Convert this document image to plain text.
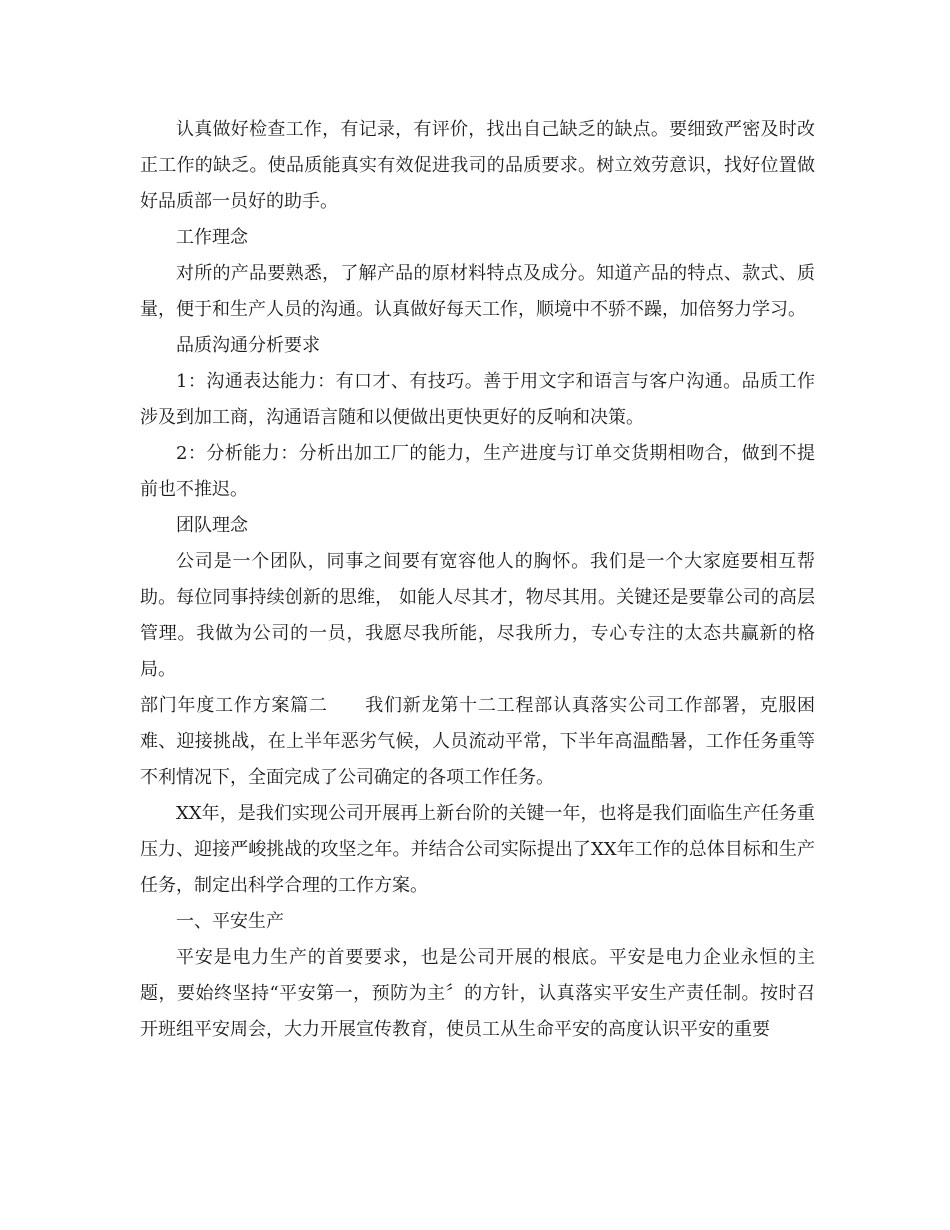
认真做好检查工作，有记录，有评价，找出自己缺乏的缺点。要细致严密及时改正工作的缺乏。使品质能真实有效促进我司的品质要求。树立效劳意识，找好位置做好品质部一员好的助手。

工作理念

对所的产品要熟悉，了解产品的原材料特点及成分。知道产品的特点、款式、质量，便于和生产人员的沟通。认真做好每天工作，顺境中不骄不躁，加倍努力学习。

品质沟通分析要求

1：沟通表达能力：有口才、有技巧。善于用文字和语言与客户沟通。品质工作涉及到加工商，沟通语言随和以便做出更快更好的反响和决策。

2：分析能力：分析出加工厂的能力，生产进度与订单交货期相吻合，做到不提前也不推迟。

团队理念

公司是一个团队，同事之间要有宽容他人的胸怀。我们是一个大家庭要相互帮助。每位同事持续创新的思维， 如能人尽其才，物尽其用。关键还是要靠公司的高层管理。我做为公司的一员，我愿尽我所能，尽我所力，专心专注的太态共赢新的格局。

部门年度工作方案篇二　　我们新龙第十二工程部认真落实公司工作部署，克服困难、迎接挑战，在上半年恶劣气候，人员流动平常，下半年高温酷暑，工作任务重等不利情况下，全面完成了公司确定的各项工作任务。

XX年，是我们实现公司开展再上新台阶的关键一年，也将是我们面临生产任务重压力、迎接严峻挑战的攻坚之年。并结合公司实际提出了XX年工作的总体目标和生产任务，制定出科学合理的工作方案。

一、平安生产

平安是电力生产的首要要求，也是公司开展的根底。平安是电力企业永恒的主题，要始终坚持“平安第一，预防为主〞的方针，认真落实平安生产责任制。按时召开班组平安周会，大力开展宣传教育，使员工从生命平安的高度认识平安的重要
